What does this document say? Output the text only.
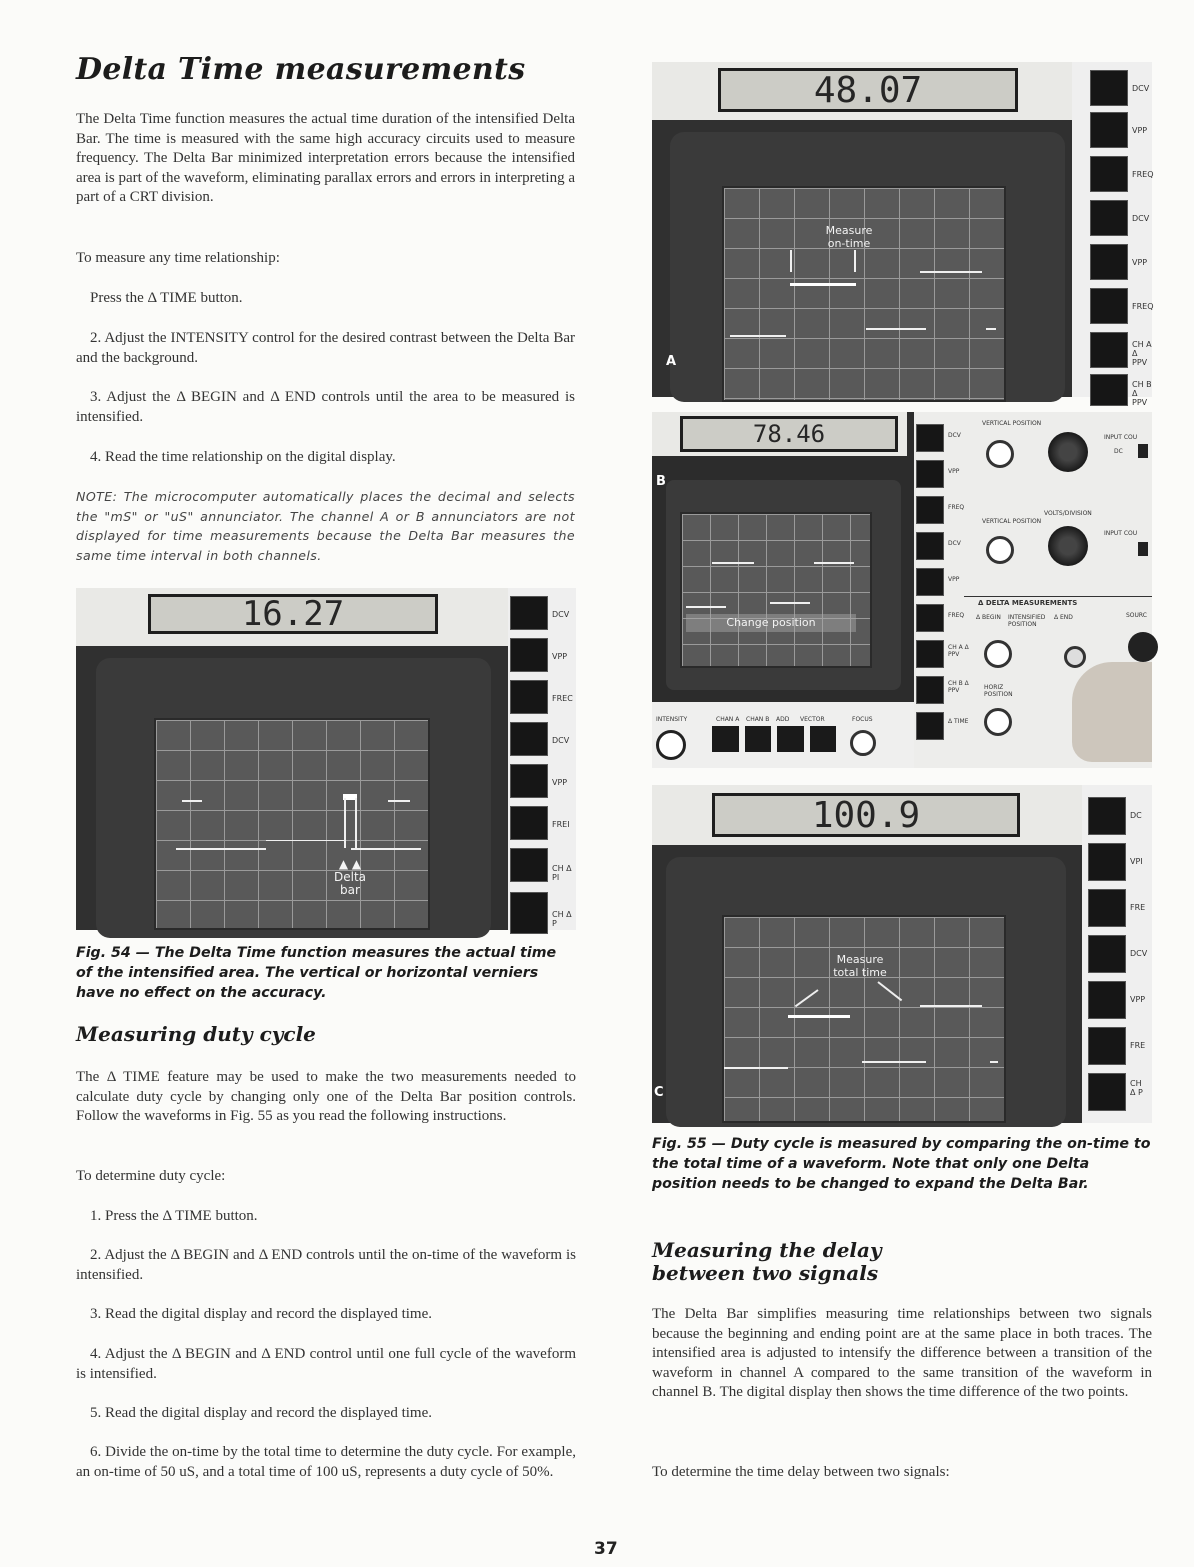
Delta Time measurements
The Delta Time function measures the actual time duration of the intensified Delta Bar. The time is measured with the same high accuracy circuits used to measure frequency. The Delta Bar minimized interpretation errors because the intensified area is part of the waveform, eliminating parallax errors and errors in interpreting a part of a CRT division.
To measure any time relationship:
Press the Δ TIME button.
2. Adjust the INTENSITY control for the desired contrast between the Delta Bar and the background.
3. Adjust the Δ BEGIN and Δ END controls until the area to be measured is intensified.
4. Read the time relationship on the digital display.
NOTE: The microcomputer automatically places the decimal and selects the "mS" or "uS" annunciator. The channel A or B annunciators are not displayed for time measurements because the Delta Bar measures the same time interval in both channels.
16.27
▲ ▲
Delta
bar
DCV
VPP
FREC
DCV
VPP
FREI
CH Δ PI
CH Δ P
Fig. 54 — The Delta Time function measures the actual time of the intensified area. The vertical or horizontal verniers have no effect on the accuracy.
Measuring duty cycle
The Δ TIME feature may be used to make the two measurements needed to calculate duty cycle by changing only one of the Delta Bar position controls. Follow the waveforms in Fig. 55 as you read the following instructions.
To determine duty cycle:
1. Press the Δ TIME button.
2. Adjust the Δ BEGIN and Δ END controls until the on-time of the waveform is intensified.
3. Read the digital display and record the displayed time.
4. Adjust the Δ BEGIN and Δ END control until one full cycle of the waveform is intensified.
5. Read the digital display and record the displayed time.
6. Divide the on-time by the total time to determine the duty cycle. For example, an on-time of 50 uS, and a total time of 100 uS, represents a duty cycle of 50%.
48.07
Measure
on-time
A
DCV
VPP
FREQ
DCV
VPP
FREQ
CH A Δ PPV
CH B Δ PPV
78.46
B
Change position
INTENSITY	CHAN A CHAN B ADD VECTOR	FOCUS
DCV
VPP
FREQ
DCV
VPP
FREQ
CH A Δ PPV
CH B Δ PPV
Δ TIME
VERTICAL POSITION
INPUT COU
DC
VOLTS/DIVISION
VERTICAL POSITION
INPUT COU
Δ DELTA MEASUREMENTS
SOURC
Δ BEGIN INTENSIFIED POSITION
Δ END
HORIZ POSITION
100.9
Measure
total time
C
DC
VPI
FRE
DCV
VPP
FRE
CH Δ P
Fig. 55 — Duty cycle is measured by comparing the on-time to the total time of a waveform. Note that only one Delta position needs to be changed to expand the Delta Bar.
Measuring the delay
between two signals
The Delta Bar simplifies measuring time relationships between two signals because the beginning and ending point are at the same place in both traces. The intensified area is adjusted to intensify the difference between a transition of the waveform in channel A compared to the same transition of the waveform in channel B. The digital display then shows the time difference of the two points.
To determine the time delay between two signals:
37
